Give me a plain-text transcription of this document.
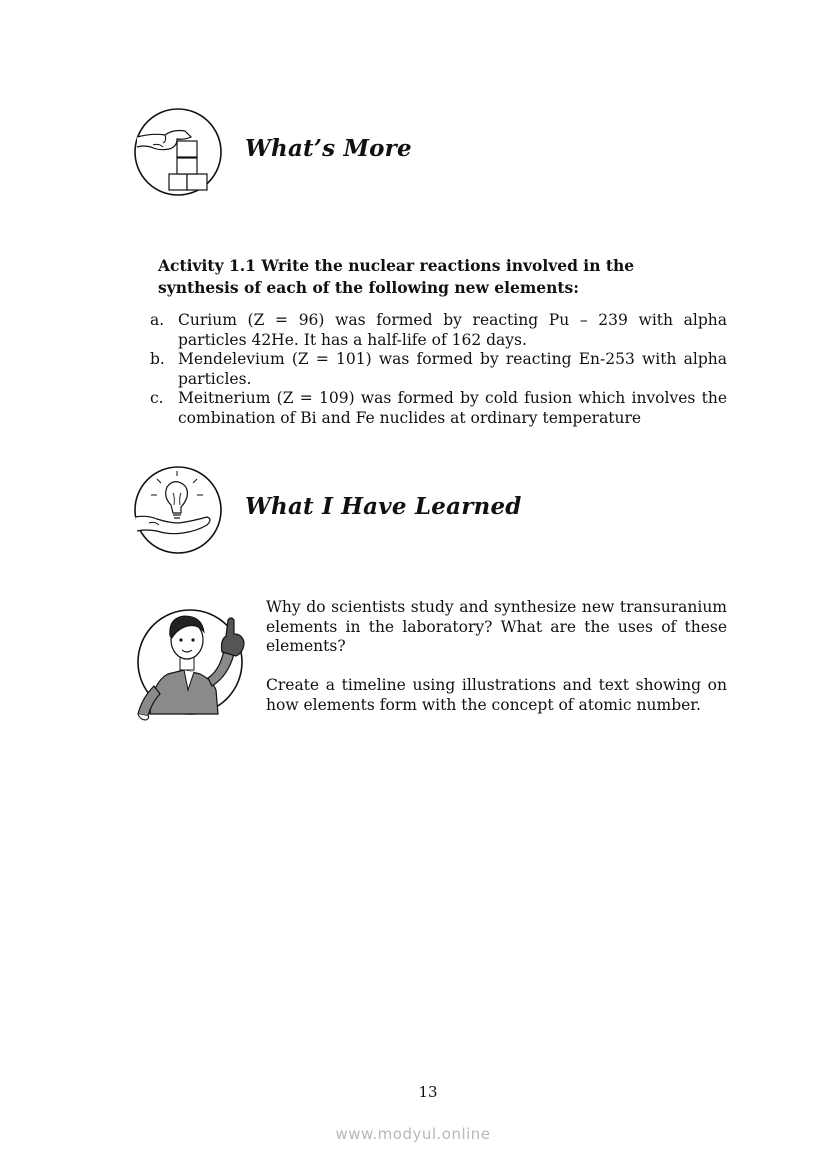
What’s More
Activity 1.1 Write the nuclear reactions involved in the synthesis of each of the following new elements:
a. Curium (Z = 96) was formed by reacting Pu – 239 with alpha particles 42He. It has a half-life of 162 days.
b. Mendelevium (Z = 101) was formed by reacting En-253 with alpha particles.
c. Meitnerium (Z = 109) was formed by cold fusion which involves the combination of Bi and Fe nuclides at ordinary temperature
What I Have Learned
Why do scientists study and synthesize new transuranium elements in the laboratory? What are the uses of these elements?
Create a timeline using illustrations and text showing on how elements form with the concept of atomic number.
13
www.modyul.online
